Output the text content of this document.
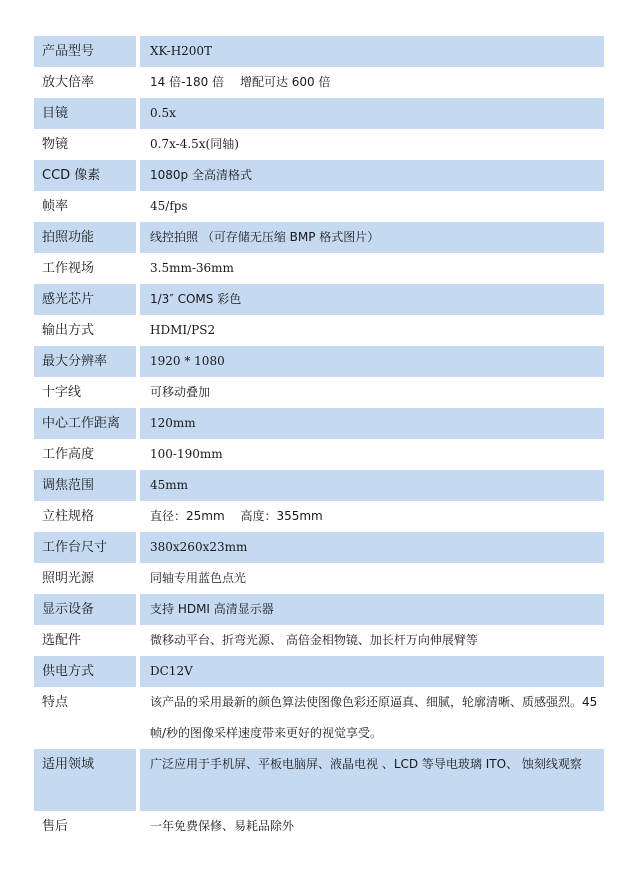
产品型号	XK-H200T
放大倍率	14 倍-180 倍　 增配可达 600 倍
目镜	0.5x
物镜	0.7x-4.5x(同轴)
CCD 像素	1080p 全高清格式
帧率	45/fps
拍照功能	线控拍照 （可存储无压缩 BMP 格式图片）
工作视场	3.5mm-36mm
感光芯片	1/3″ COMS 彩色
输出方式	HDMI/PS2
最大分辨率	1920 * 1080
十字线	可移动叠加
中心工作距离	120mm
工作高度	100-190mm
调焦范围	45mm
立柱规格	直径：25mm　 高度：355mm
工作台尺寸	380x260x23mm
照明光源	同轴专用蓝色点光
显示设备	支持 HDMI 高清显示器
选配件	微移动平台、折弯光源、 高倍金相物镜、加长杆万向伸展臂等
供电方式	DC12V
特点	该产品的采用最新的颜色算法使图像色彩还原逼真、细腻，轮廓清晰、质感强烈。45 帧/秒的图像采样速度带来更好的视觉享受。
适用领域	广泛应用于手机屏、平板电脑屏、液晶电视 、LCD 等导电玻璃 ITO、 蚀刻线观察
售后	一年免费保修、易耗品除外
